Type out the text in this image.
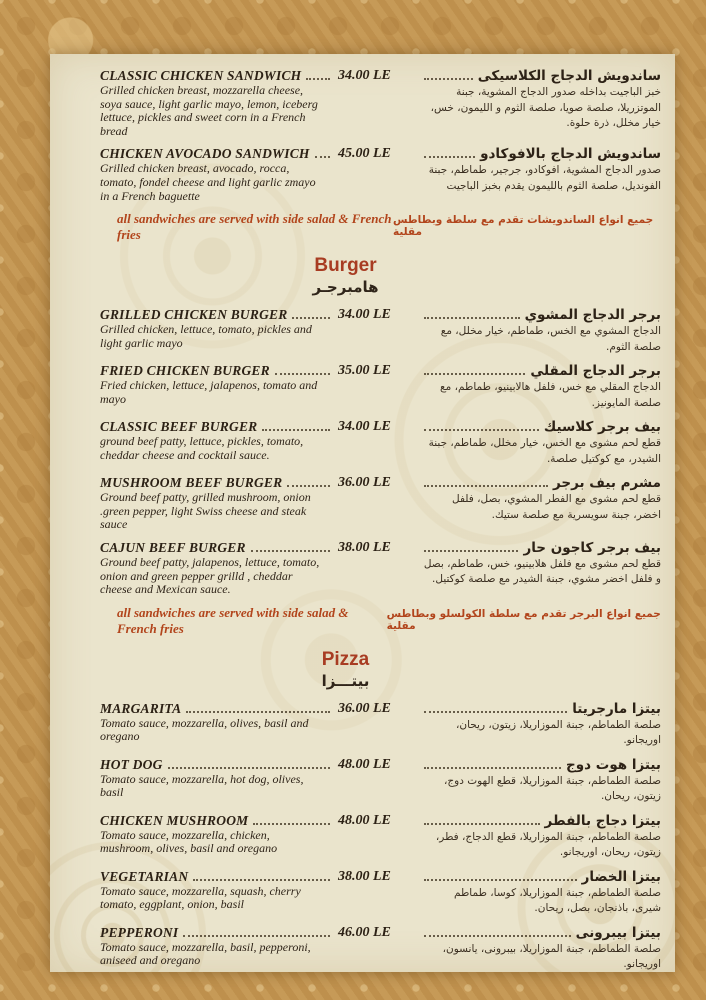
CLASSIC CHICKEN SANDWICH
Grilled chicken breast, mozzarella cheese, soya sauce, light garlic mayo, lemon, iceberg lettuce, pickles and sweet corn in a French bread
34.00 LE	ساندويش الدجاج الكلاسيكى
خبز الباجيت بداخله صدور الدجاج المشوية، جبنة الموتزريلا، صلصة صويا، صلصة الثوم و الليمون، خس، خيار مخلل، ذرة حلوة.
CHICKEN AVOCADO SANDWICH
Grilled chicken breast, avocado, rocca, tomato, fondel cheese and light garlic zmayo in a French baguette
45.00 LE	ساندويش الدجاج بالافوكادو
صدور الدجاج المشوية، افوكادو، جرجير، طماطم، جبنة الفونديل، صلصة الثوم بالليمون يقدم بخبز الباجيت
all sandwiches are served with side salad & French fries
جميع انواع الساندويشات تقدم مع سلطة وبطاطس مقلية
Burger
هامبرجـر
GRILLED CHICKEN BURGER
Grilled chicken, lettuce, tomato, pickles and light garlic mayo
34.00 LE	برجر الدجاج المشوي
الدجاج المشوي مع الخس، طماطم، خيار مخلل، مع صلصة الثوم.
FRIED CHICKEN BURGER
Fried chicken, lettuce, jalapenos, tomato and mayo
35.00 LE	برجر الدجاج المقلي
الدجاج المقلي مع خس، فلفل هالابينيو، طماطم، مع صلصة المايونيز.
CLASSIC BEEF BURGER
ground beef patty, lettuce, pickles, tomato, cheddar cheese and cocktail sauce.
34.00 LE	بيف برجر كلاسيك
قطع لحم مشوى مع الخس، خيار مخلل، طماطم، جبنة الشيدر، مع كوكتيل صلصة.
MUSHROOM BEEF BURGER
Ground beef patty, grilled mushroom, onion .green pepper, light Swiss cheese and steak sauce
36.00 LE	مشرم بيف برجر
قطع لحم مشوى مع الفطر المشوي، بصل، فلفل اخضر، جبنة سويسرية مع صلصة ستيك.
CAJUN BEEF BURGER
Ground beef patty, jalapenos, lettuce, tomato, onion and green pepper grilld , cheddar cheese and Mexican sauce.
38.00 LE	بيف برجر كاجون حار
قطع لحم مشوى مع فلفل هلابينيو، خس، طماطم، بصل و فلفل اخضر مشوي، جبنة الشيدر مع صلصة كوكتيل.
all sandwiches are served with side salad & French fries
جميع انواع البرجر تقدم مع سلطة الكولسلو وبطاطس مقلية
Pizza
بيتـــزا
MARGARITA
Tomato sauce, mozzarella, olives, basil and oregano
36.00 LE	بيتزا مارجريتا
صلصة الطماطم، جبنة الموزاريلا، زيتون، ريحان، اوريجانو.
HOT DOG
Tomato sauce, mozzarella, hot dog, olives, basil
48.00 LE	بيتزا هوت دوج
صلصة الطماطم، جبنة الموزاريلا، قطع الهوت دوج، زيتون، ريحان.
CHICKEN MUSHROOM
Tomato sauce, mozzarella, chicken, mushroom, olives, basil and oregano
48.00 LE	بيتزا دجاج بالفطر
صلصة الطماطم، جبنة الموزاريلا، قطع الدجاج، فطر، زيتون، ريحان، اوريجانو.
VEGETARIAN
Tomato sauce, mozzarella, squash, cherry tomato, eggplant, onion, basil
38.00 LE	بيتزا الخضار
صلصة الطماطم، جبنة الموزاريلا، كوسا، طماطم شيرى، باذنجان، بصل، ريحان.
PEPPERONI
Tomato sauce, mozzarella, basil, pepperoni, aniseed and oregano
46.00 LE	بيتزا بيبرونى
صلصة الطماطم، جبنة الموزاريلا، بيبرونى، يانسون، اوريجانو.
